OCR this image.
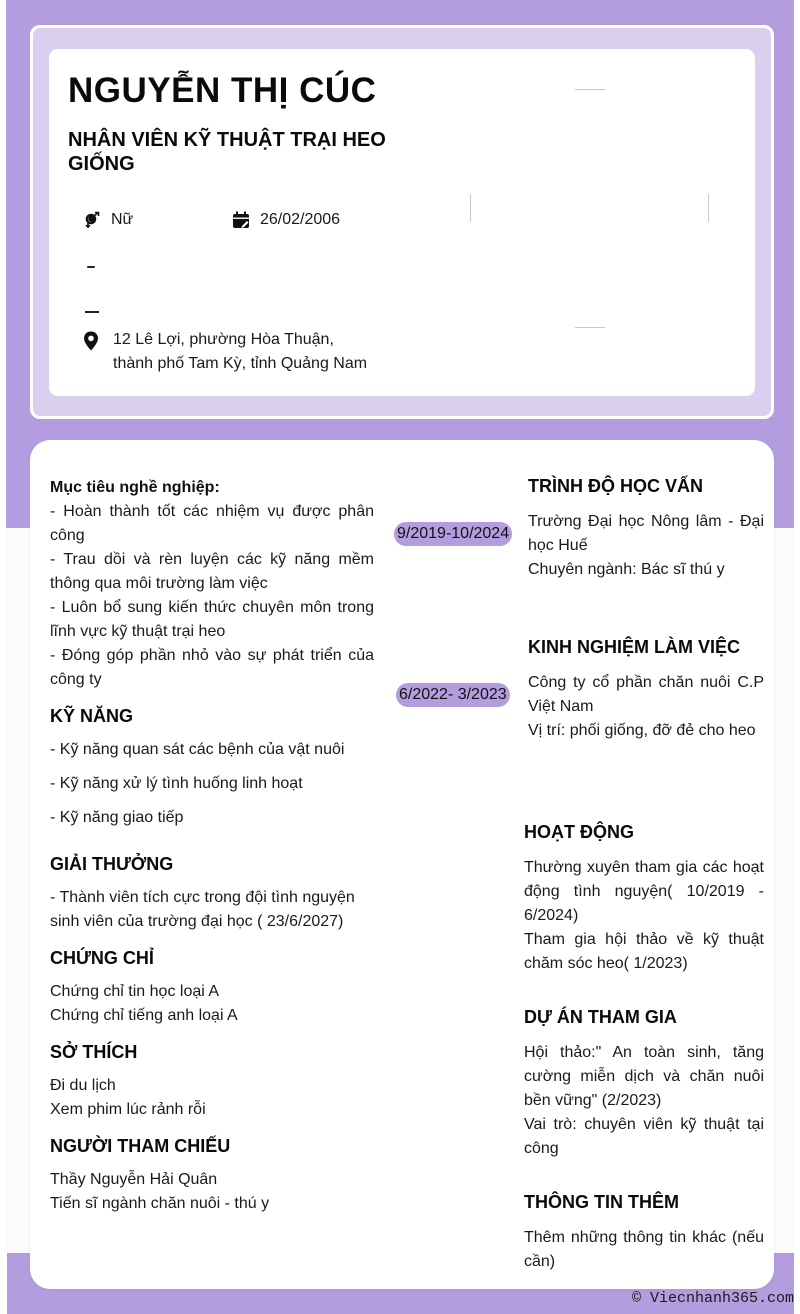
NGUYỄN THỊ CÚC
NHÂN VIÊN KỸ THUẬT TRẠI HEO GIỐNG
Nữ	26/02/2006
12 Lê Lợi, phường Hòa Thuận,
thành phố Tam Kỳ, tỉnh Quảng Nam
Mục tiêu nghề nghiệp:
- Hoàn thành tốt các nhiệm vụ được phân công
- Trau dồi và rèn luyện các kỹ năng mềm thông qua môi trường làm việc
- Luôn bổ sung kiến thức chuyên môn trong lĩnh vực kỹ thuật trại heo
- Đóng góp phần nhỏ vào sự phát triển của công ty
KỸ NĂNG
- Kỹ năng quan sát các bệnh của vật nuôi
- Kỹ năng xử lý tình huống linh hoạt
- Kỹ năng giao tiếp
GIẢI THƯỞNG
- Thành viên tích cực trong đội tình nguyện sinh viên của trường đại học ( 23/6/2027)
CHỨNG CHỈ
Chứng chỉ tin học loại A
Chứng chỉ tiếng anh loại A
SỞ THÍCH
Đi du lịch
Xem phim lúc rảnh rỗi
NGƯỜI THAM CHIẾU
Thầy Nguyễn Hải Quân
Tiến sĩ ngành chăn nuôi - thú y
9/2019-10/2024
TRÌNH ĐỘ HỌC VẤN
Trường Đại học Nông lâm - Đại học Huế
Chuyên ngành: Bác sĩ thú y
6/2022- 3/2023
KINH NGHIỆM LÀM VIỆC
Công ty cổ phần chăn nuôi C.P Việt Nam
Vị trí: phối giống, đỡ đẻ cho heo
HOẠT ĐỘNG
Thường xuyên tham gia các hoạt động tình nguyện( 10/2019 - 6/2024)
Tham gia hội thảo về kỹ thuật chăm sóc heo( 1/2023)
DỰ ÁN THAM GIA
Hội thảo:" An toàn sinh, tăng cường miễn dịch và chăn nuôi bền vững" (2/2023)
Vai trò: chuyên viên kỹ thuật tại công
THÔNG TIN THÊM
Thêm những thông tin khác (nếu cần)
© Viecnhanh365.com
